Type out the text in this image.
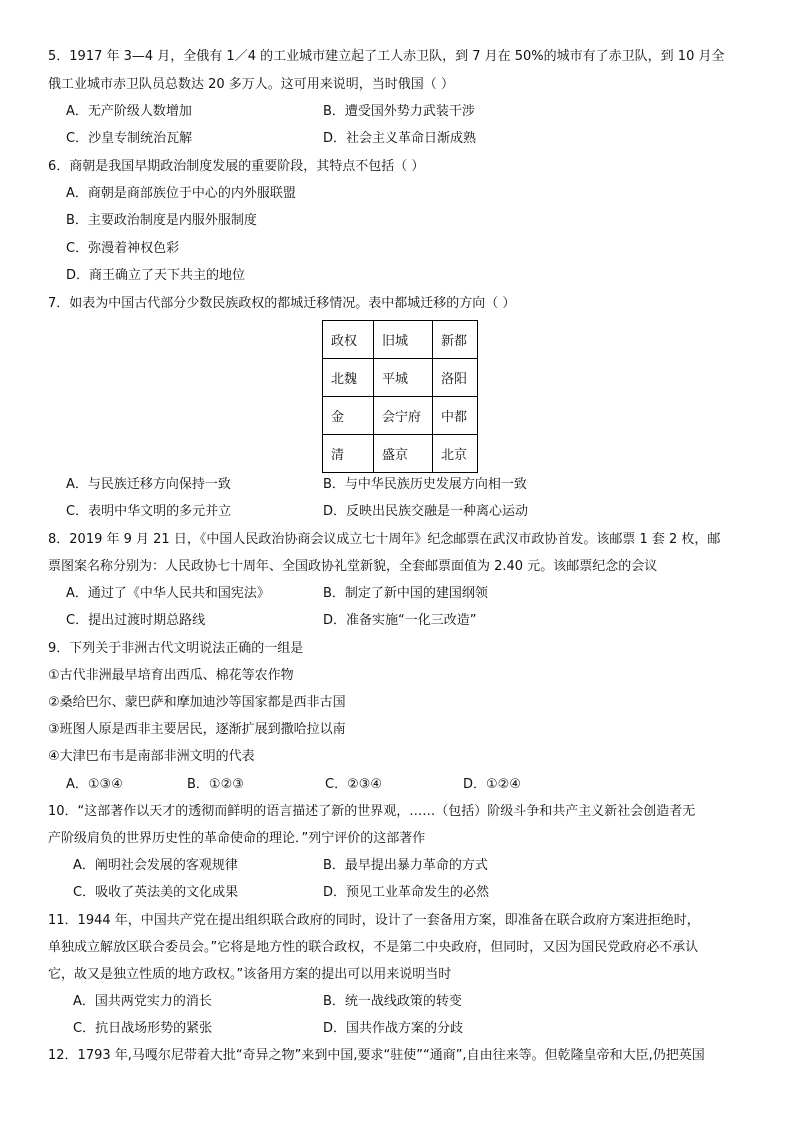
5．1917 年 3—4 月，全俄有 1／4 的工业城市建立起了工人赤卫队，到 7 月在 50%的城市有了赤卫队，到 10 月全
俄工业城市赤卫队员总数达 20 多万人。这可用来说明，当时俄国（ ）
A．无产阶级人数增加	B．遭受国外势力武装干涉
C．沙皇专制统治瓦解	D．社会主义革命日渐成熟
6．商朝是我国早期政治制度发展的重要阶段，其特点不包括（ ）
A．商朝是商部族位于中心的内外服联盟
B．主要政治制度是内服外服制度
C．弥漫着神权色彩
D．商王确立了天下共主的地位
7．如表为中国古代部分少数民族政权的都城迁移情况。表中都城迁移的方向（ ）
政权	旧城	新都
北魏	平城	洛阳
金	会宁府	中都
清	盛京	北京
A．与民族迁移方向保持一致	B．与中华民族历史发展方向相一致
C．表明中华文明的多元并立	D．反映出民族交融是一种离心运动
8．2019 年 9 月 21 日，《中国人民政治协商会议成立七十周年》纪念邮票在武汉市政协首发。该邮票 1 套 2 枚，邮
票图案名称分别为：人民政协七十周年、全国政协礼堂新貌，全套邮票面值为 2.40 元。该邮票纪念的会议
A．通过了《中华人民共和国宪法》	B．制定了新中国的建国纲领
C．提出过渡时期总路线	D．准备实施“一化三改造”
9．下列关于非洲古代文明说法正确的一组是
①古代非洲最早培育出西瓜、棉花等农作物
②桑给巴尔、蒙巴萨和摩加迪沙等国家都是西非古国
③班图人原是西非主要居民，逐渐扩展到撒哈拉以南
④大津巴布韦是南部非洲文明的代表
A．①③④	B．①②③	C．②③④	D．①②④
10．“这部著作以天才的透彻而鲜明的语言描述了新的世界观，……（包括）阶级斗争和共产主义新社会创造者无
产阶级肩负的世界历史性的革命使命的理论．”列宁评价的这部著作
A．阐明社会发展的客观规律	B．最早提出暴力革命的方式
C．吸收了英法美的文化成果	D．预见工业革命发生的必然
11．1944 年，中国共产党在提出组织联合政府的同时，设计了一套备用方案，即准备在联合政府方案进拒绝时，
单独成立解放区联合委员会。”它将是地方性的联合政权，不是第二中央政府，但同时，又因为国民党政府必不承认
它，故又是独立性质的地方政权。”该备用方案的提出可以用来说明当时
A．国共两党实力的消长	B．统一战线政策的转变
C．抗日战场形势的紧张	D．国共作战方案的分歧
12．1793 年,马嘎尔尼带着大批“奇异之物”来到中国,要求“驻使”“通商”,自由往来等。但乾隆皇帝和大臣,仍把英国
